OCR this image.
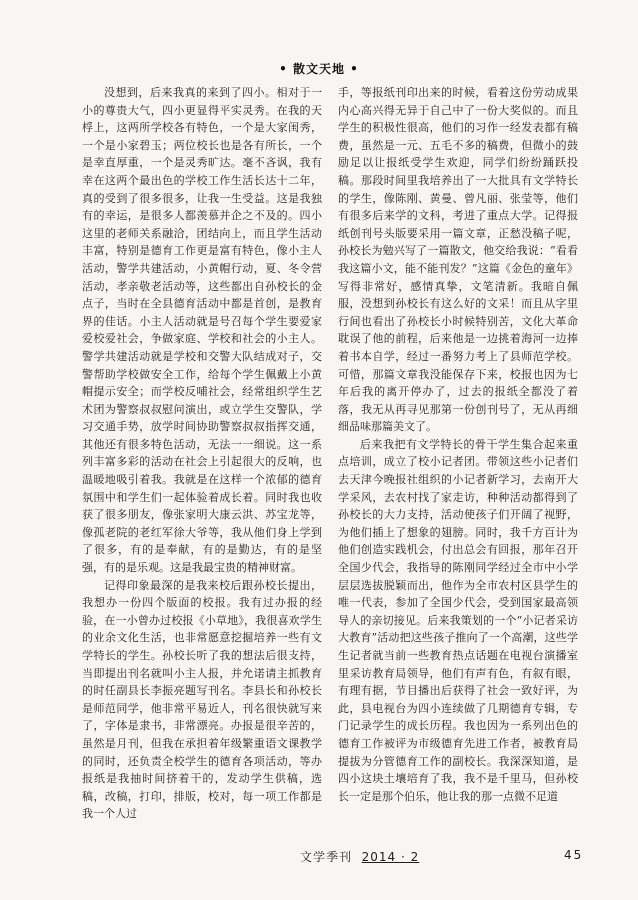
• 散文天地 •

没想到，后来我真的来到了四小。相对于一小的尊贵大气，四小更显得平实灵秀。在我的天桴上，这两所学校各有特色，一个是大家闺秀，一个是小家碧玉；两位校长也是各有所长，一个是幸直厚重，一个是灵秀旷达。毫不吝讽，我有幸在这两个最出色的学校工作生活长达十二年，真的受到了很多很多，让我一生受益。这是我独有的幸运，是很多人都羡慕并企之不及的。四小这里的老师关系融洽，团结向上，而且学生活动丰富，特别是德育工作更是富有特色，像小主人活动，警学共建活动，小黄帽行动，夏、冬令营活动，孝亲敬老活动等，这些都出自孙校长的金点子，当时在全县德育活动中都是首创，是教育界的佳话。小主人活动就是号召每个学生要爱家爱校爱社会，争做家庭、学校和社会的小主人。警学共建活动就是学校和交警大队结成对子，交警帮助学校做安全工作，给每个学生佩戴上小黄帽提示安全；而学校反哺社会，经常组织学生艺术团为警察叔叔慰问演出，或立学生交警队，学习交通手势，放学时间协助警察叔叔指挥交通，其他还有很多特色活动，无法一一细说。这一系列丰富多彩的活动在社会上引起很大的反响，也温暖地吸引着我。我就是在这样一个浓郁的德育氛围中和学生们一起体验着成长着。同时我也收获了很多朋友，像张家明大康云洪、苏宝龙等，像孤老院的老红军徐大爷等，我从他们身上学到了很多，有的是奉献，有的是勤达，有的是坚强，有的是乐观。这是我最宝贵的精神财富。

记得印象最深的是我来校后跟孙校长提出，我想办一份四个版面的校报。我有过办报的经验，在一小曾办过校报《小草地》，我很喜欢学生的业余文化生活，也非常愿意挖掘培养一些有文学特长的学生。孙校长听了我的想法后很支持，当即提出刊名就叫小主人报，并允诺请主抓教育的时任副县长李振亮题写刊名。李县长和孙校长是师范同学，他非常平易近人，刊名很快就写来了，字体是隶书，非常漂亮。办报是很辛苦的，虽然是月刊，但我在承担着年级繁重语文课教学的同时，还负责全校学生的德育各项活动，等办报纸是我抽时间挤着干的，发动学生供稿，选稿，改稿，打印，排版，校对，每一项工作都是我一个人过

手，等报纸刊印出来的时候，看着这份劳动成果内心高兴得无异于自己中了一份大奖似的。而且学生的积极性很高，他们的习作一经发表都有稿费，虽然是一元、五毛不多的稿费，但微小的鼓励足以让报纸受学生欢迎，同学们纷纷踊跃投稿。那段时间里我培养出了一大批具有文学特长的学生，像陈刚、黄曼、曾凡丽、张莹等，他们有很多后来学的文科，考进了重点大学。记得报纸创刊号头版要采用一篇文章，正愁没稿子呢，孙校长为勉兴写了一篇散文，他交给我说：“看看我这篇小文，能不能刊发？”这篇《金色的童年》写得非常好，感情真挚，文笔清新。我暗自佩服，没想到孙校长有这么好的文采！而且从字里行间也看出了孙校长小时候特别苦，文化大革命耽误了他的前程，后来他是一边挑着海河一边捧着书本自学，经过一番努力考上了县师范学校。可惜，那篇文章我没能保存下来，校报也因为七年后我的离开停办了，过去的报纸全都没了着落，我无从再寻见那第一份创刊号了，无从再细细品味那篇美文了。

后来我把有文学特长的骨干学生集合起来重点培训，成立了校小记者团。带领这些小记者们去天津今晚报社组织的小记者新学习，去南开大学采风，去农村找了家走访，种种活动都得到了孙校长的大力支持，活动使孩子们开阔了视野，为他们插上了想象的翅膀。同时，我千方百计为他们创造实践机会，付出总会有回报，那年召开全国少代会，我指导的陈刚同学经过全市中小学层层选拔脱颖而出，他作为全市农村区县学生的唯一代表，参加了全国少代会，受到国家最高领导人的亲切接见。后来我策划的一个“小记者采访大教育”活动把这些孩子推向了一个高潮，这些学生记者就当前一些教育热点话题在电视台演播室里采访教育局领导，他们有声有色，有叙有眼，有理有据，节目播出后获得了社会一致好评，为此，县电视台为四小连续做了几期德育专辑，专门记录学生的成长历程。我也因为一系列出色的德育工作被评为市级德育先进工作者，被教育局提拔为分管德育工作的副校长。我深深知道，是四小这块土壤培育了我，我不是千里马，但孙校长一定是那个伯乐，他让我的那一点微不足道

文学季刊 2014 · 2	45
